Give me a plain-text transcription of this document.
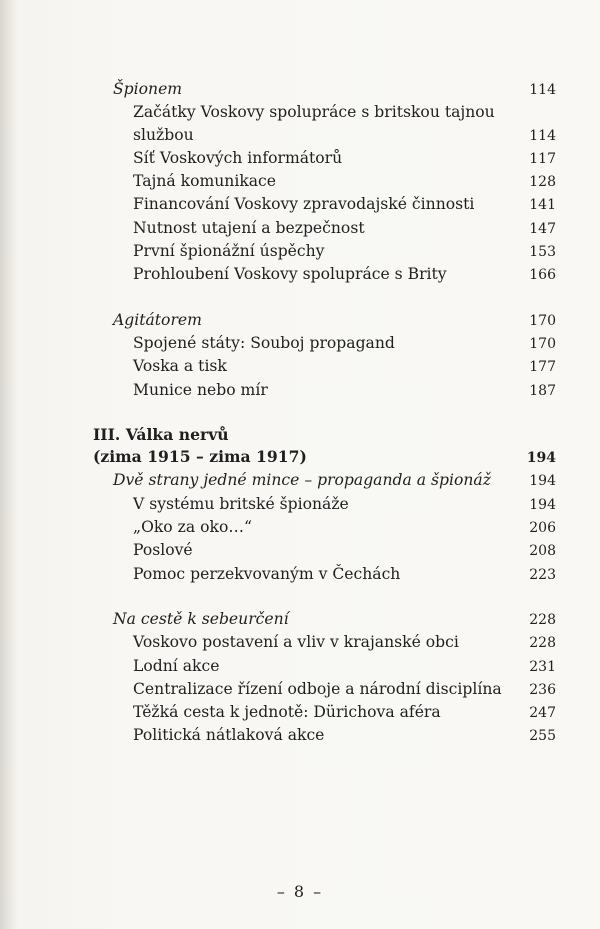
Špionem	114
Začátky Voskovy spolupráce s britskou tajnou
službou	114
Síť Voskových informátorů	117
Tajná komunikace	128
Financování Voskovy zpravodajské činnosti	141
Nutnost utajení a bezpečnost	147
První špionážní úspěchy	153
Prohloubení Voskovy spolupráce s Brity	166
Agitátorem	170
Spojené státy: Souboj propagand	170
Voska a tisk	177
Munice nebo mír	187
III. Válka nervů
(zima 1915 – zima 1917)	194
Dvě strany jedné mince – propaganda a špionáž	194
V systému britské špionáže	194
„Oko za oko…“	206
Poslové	208
Pomoc perzekvovaným v Čechách	223
Na cestě k sebeurčení	228
Voskovo postavení a vliv v krajanské obci	228
Lodní akce	231
Centralizace řízení odboje a národní disciplína	236
Těžká cesta k jednotě: Dürichova aféra	247
Politická nátlaková akce	255
– 8 –
